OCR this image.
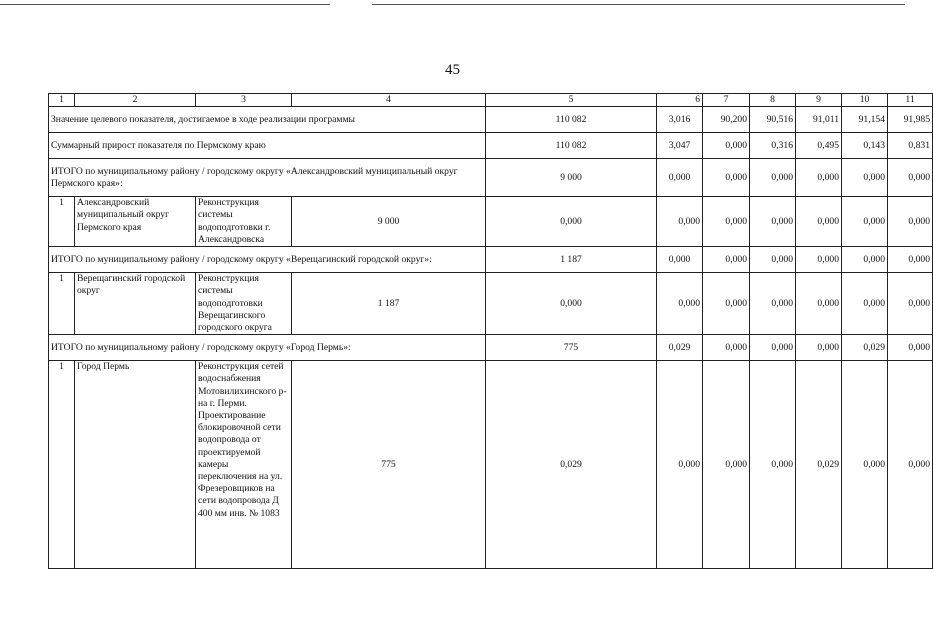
45
1	2	3	4	5	6	7	8	9	10	11	
Значение целевого показателя, достигаемое в ходе реализации программы				110 082	3,016	90,200	90,516	91,011	91,154	91,985	
Суммарный прирост показателя по Пермскому краю				110 082	3,047	0,000	0,316	0,495	0,143	0,831	
ИТОГО по муниципальному району / городскому округу «Александровский муниципальный округ Пермского края»:				9 000	0,000	0,000	0,000	0,000	0,000	0,000	
1	Александровский муниципальный округ Пермского края	Реконструкция системы водоподготовки г. Александровска	9 000	0,000	0,000	0,000	0,000	0,000	0,000	0,000	
ИТОГО по муниципальному району / городскому округу «Верещагинский городской округ»:				1 187	0,000	0,000	0,000	0,000	0,000	0,000	
1	Верещагинский городской округ	Реконструкция системы водоподготовки Верещагинского городского округа	1 187	0,000	0,000	0,000	0,000	0,000	0,000	0,000	
ИТОГО по муниципальному району / городскому округу «Город Пермь»:				775	0,029	0,000	0,000	0,000	0,029	0,000	
1	Город Пермь	Реконструкция сетей водоснабжения Мотовилихинского р-на г. Перми. Проектирование блокировочной сети водопровода от проектируемой камеры переключения на ул. Фрезеровщиков на сети водопровода Д 400 мм инв. № 1083	775	0,029	0,000	0,000	0,000	0,029	0,000	0,000	
